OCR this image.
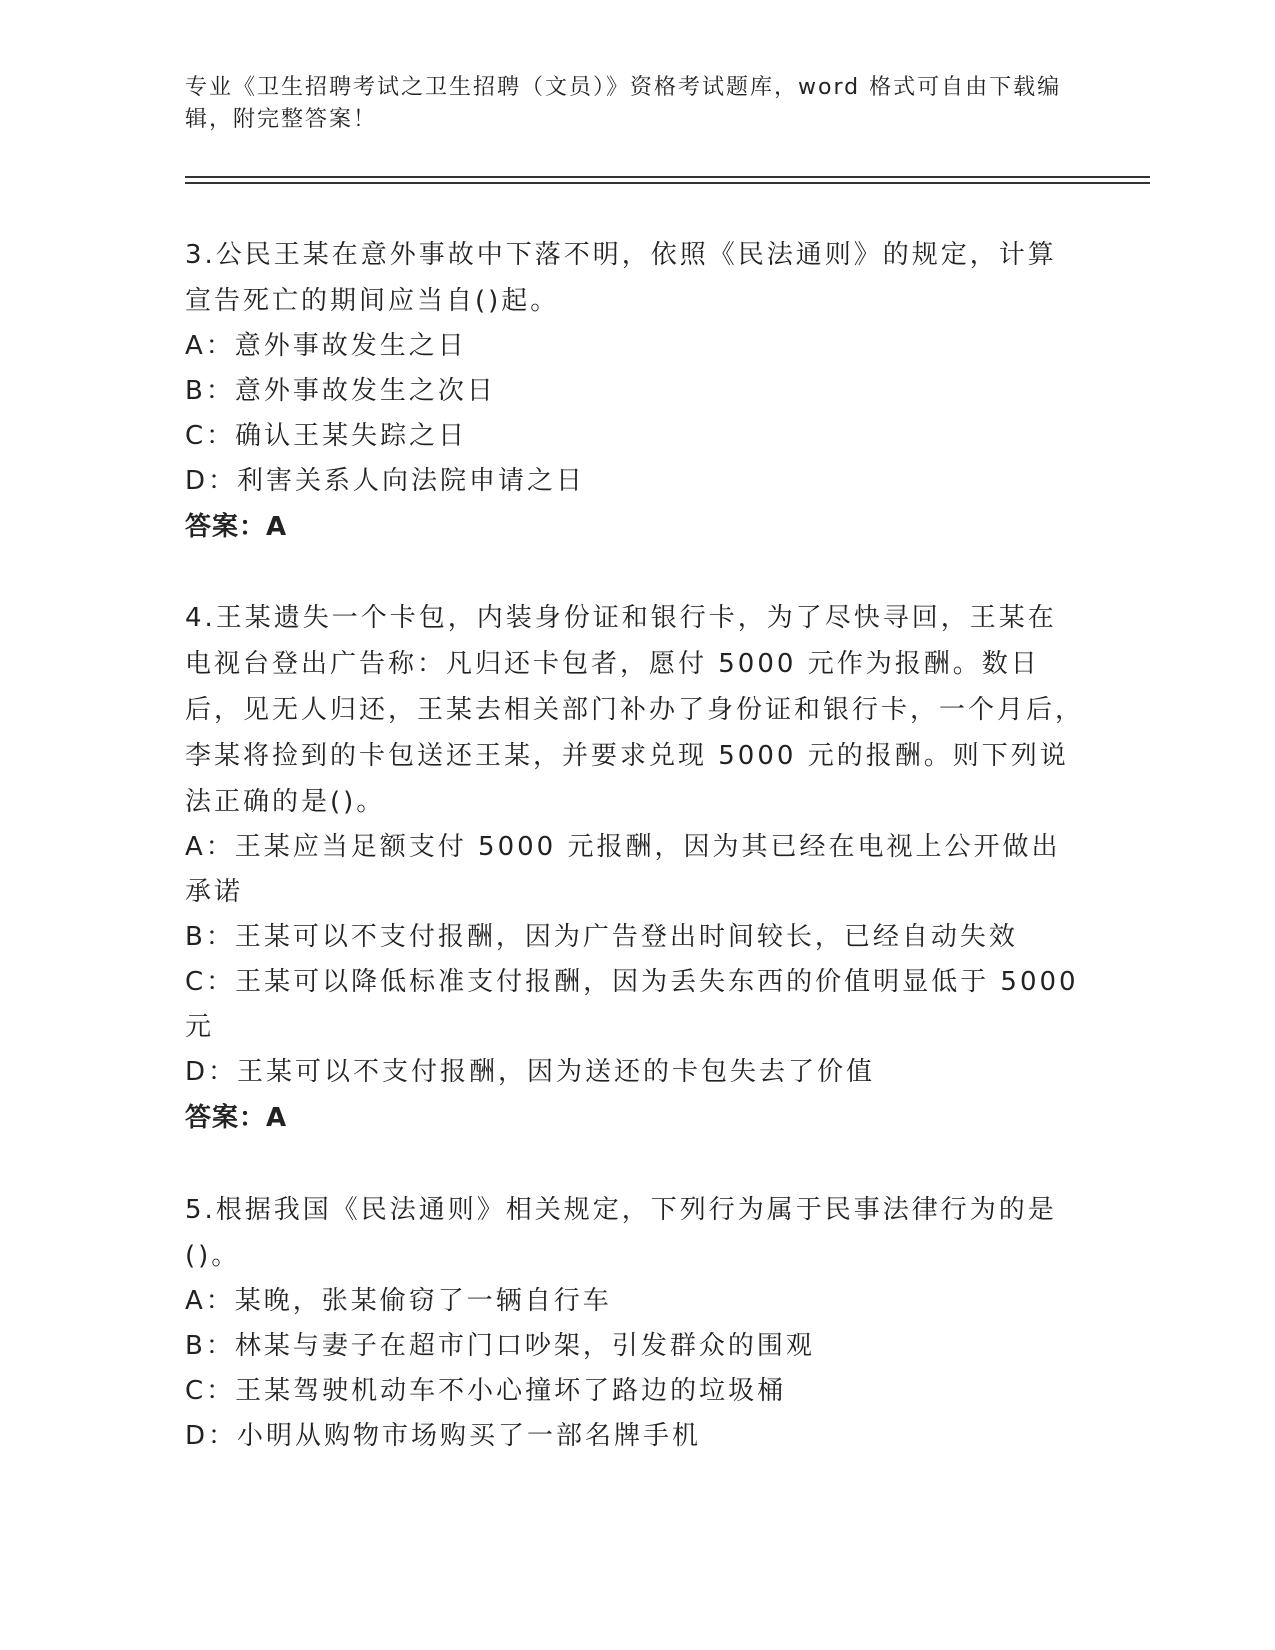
专业《卫生招聘考试之卫生招聘（文员）》资格考试题库，word 格式可自由下载编辑，附完整答案！

3.公民王某在意外事故中下落不明，依照《民法通则》的规定，计算宣告死亡的期间应当自()起。

A：意外事故发生之日

B：意外事故发生之次日

C：确认王某失踪之日

D：利害关系人向法院申请之日

答案：A

4.王某遗失一个卡包，内装身份证和银行卡，为了尽快寻回，王某在电视台登出广告称：凡归还卡包者，愿付 5000 元作为报酬。数日后，见无人归还，王某去相关部门补办了身份证和银行卡，一个月后，李某将捡到的卡包送还王某，并要求兑现 5000 元的报酬。则下列说法正确的是()。

A：王某应当足额支付 5000 元报酬，因为其已经在电视上公开做出承诺

B：王某可以不支付报酬，因为广告登出时间较长，已经自动失效

C：王某可以降低标准支付报酬，因为丢失东西的价值明显低于 5000 元

D：王某可以不支付报酬，因为送还的卡包失去了价值

答案：A

5.根据我国《民法通则》相关规定，下列行为属于民事法律行为的是()。

A：某晚，张某偷窃了一辆自行车

B：林某与妻子在超市门口吵架，引发群众的围观

C：王某驾驶机动车不小心撞坏了路边的垃圾桶

D：小明从购物市场购买了一部名牌手机
